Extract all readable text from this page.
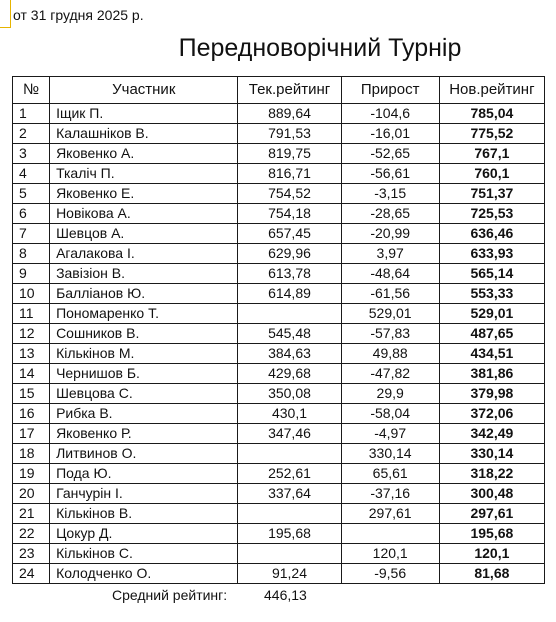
от 31 грудня 2025 р.
Передноворічний Турнір
№	Участник	Тек.рейтинг	Прирост	Нов.рейтинг
1	Іщик П.	889,64	-104,6	785,04
2	Калашніков В.	791,53	-16,01	775,52
3	Яковенко А.	819,75	-52,65	767,1
4	Ткаліч П.	816,71	-56,61	760,1
5	Яковенко Е.	754,52	-3,15	751,37
6	Новікова А.	754,18	-28,65	725,53
7	Шевцов А.	657,45	-20,99	636,46
8	Агалакова І.	629,96	3,97	633,93
9	Завізіон В.	613,78	-48,64	565,14
10	Балліанов Ю.	614,89	-61,56	553,33
11	Пономаренко Т.		529,01	529,01
12	Сошников В.	545,48	-57,83	487,65
13	Кількінов М.	384,63	49,88	434,51
14	Чернишов Б.	429,68	-47,82	381,86
15	Шевцова С.	350,08	29,9	379,98
16	Рибка В.	430,1	-58,04	372,06
17	Яковенко Р.	347,46	-4,97	342,49
18	Литвинов О.		330,14	330,14
19	Пода Ю.	252,61	65,61	318,22
20	Ганчурін І.	337,64	-37,16	300,48
21	Кількінов В.		297,61	297,61
22	Цокур Д.	195,68		195,68
23	Кількінов С.		120,1	120,1
24	Колодченко О.	91,24	-9,56	81,68
Средний рейтинг:	446,13
